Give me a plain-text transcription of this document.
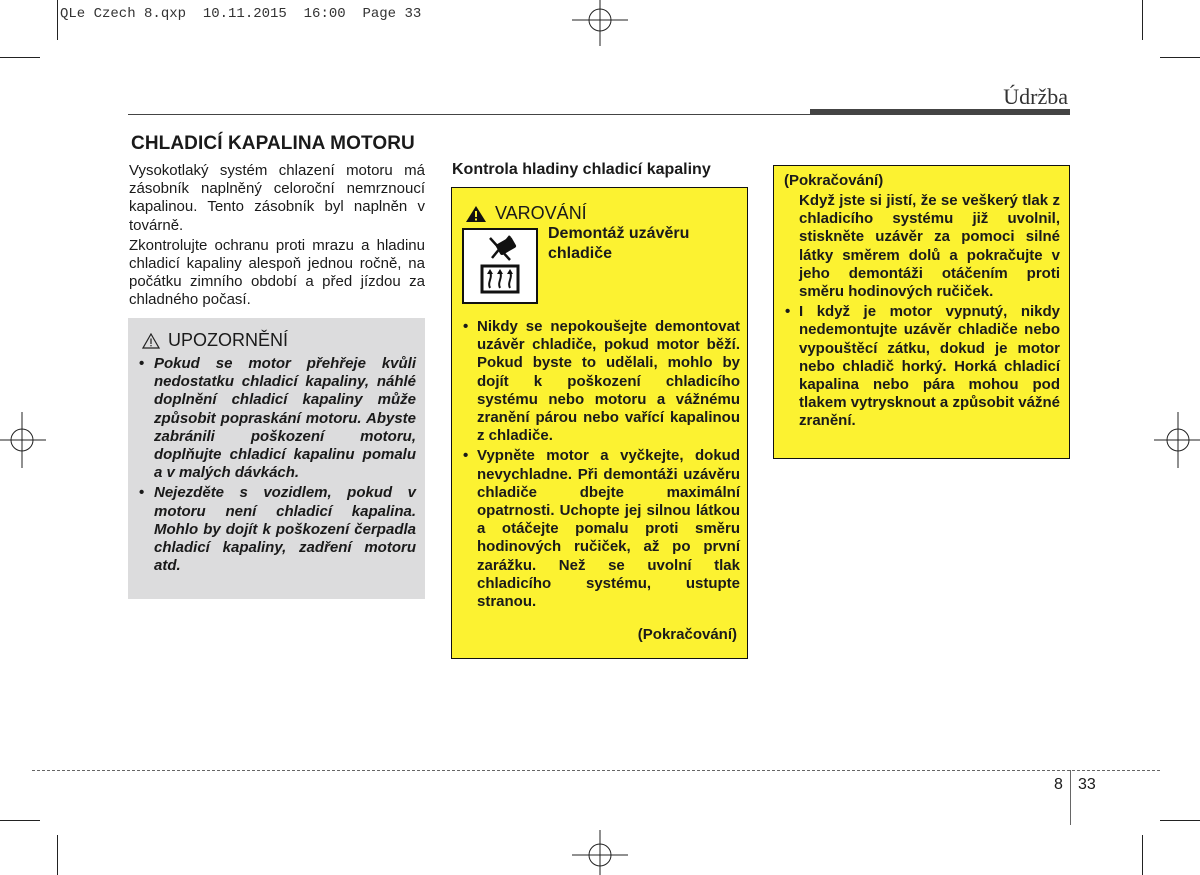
QLe Czech 8.qxp  10.11.2015  16:00  Page 33
Údržba
CHLADICÍ KAPALINA MOTORU

Vysokotlaký systém chlazení motoru má zásobník naplněný celoroční nemrznoucí kapalinou. Tento zásobník byl naplněn v továrně.

Zkontrolujte ochranu proti mrazu a hladinu chladicí kapaliny alespoň jednou ročně, na počátku zimního období a před jízdou za chladného počasí.

UPOZORNĚNÍ
• Pokud se motor přehřeje kvůli nedostatku chladicí kapaliny, náhlé doplnění chladicí kapaliny může způsobit popraskání motoru. Abyste zabránili poškození motoru, doplňujte chladicí kapalinu pomalu a v malých dávkách.
• Nejezděte s vozidlem, pokud v motoru není chladicí kapalina. Mohlo by dojít k poškození čerpadla chladicí kapaliny, zadření motoru atd.
Kontrola hladiny chladicí kapaliny
VAROVÁNÍ
Demontáž uzávěru chladiče
• Nikdy se nepokoušejte demontovat uzávěr chladiče, pokud motor běží. Pokud byste to udělali, mohlo by dojít k poškození chladicího systému nebo motoru a vážnému zranění párou nebo vařící kapalinou z chladiče.
• Vypněte motor a vyčkejte, dokud nevychladne. Při demontáži uzávěru chladiče dbejte maximální opatrnosti. Uchopte jej silnou látkou a otáčejte pomalu proti směru hodinových ručiček, až po první zarážku. Než se uvolní tlak chladicího systému, ustupte stranou.
(Pokračování)
(Pokračování)
Když jste si jistí, že se veškerý tlak z chladicího systému již uvolnil, stiskněte uzávěr za pomoci silné látky směrem dolů a pokračujte v jeho demontáži otáčením proti směru hodinových ručiček.
• I když je motor vypnutý, nikdy nedemontujte uzávěr chladiče nebo vypouštěcí zátku, dokud je motor nebo chladič horký. Horká chladicí kapalina nebo pára mohou pod tlakem vytrysknout a způsobit vážné zranění.
8 33
